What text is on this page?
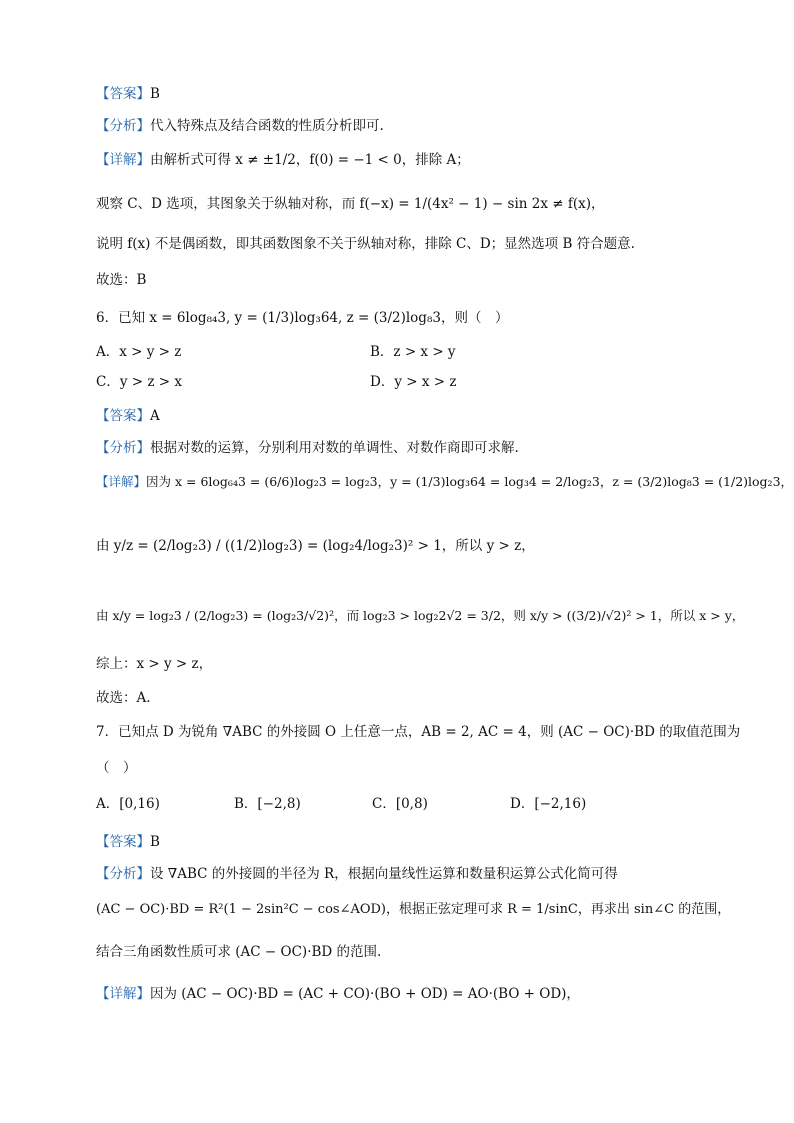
【答案】B
【分析】代入特殊点及结合函数的性质分析即可.
【详解】由解析式可得 x ≠ ±1/2，f(0) = −1 < 0，排除 A；
观察 C、D 选项，其图象关于纵轴对称，而 f(−x) = 1/(4x² − 1) − sin 2x ≠ f(x)，
说明 f(x) 不是偶函数，即其函数图象不关于纵轴对称，排除 C、D；显然选项 B 符合题意.
故选：B
6．已知 x = 6log₈₄3, y = (1/3)log₃64, z = (3/2)log₈3，则（　）
A．x > y > z	B．z > x > y
C．y > z > x	D．y > x > z
【答案】A
【分析】根据对数的运算，分别利用对数的单调性、对数作商即可求解.
【详解】因为 x = 6log₆₄3 = (6/6)log₂3 = log₂3，y = (1/3)log₃64 = log₃4 = 2/log₂3，z = (3/2)log₈3 = (1/2)log₂3，
由 y/z = (2/log₂3) / ((1/2)log₂3) = (log₂4/log₂3)² > 1，所以 y > z，
由 x/y = log₂3 / (2/log₂3) = (log₂3/√2)²，而 log₂3 > log₂2√2 = 3/2，则 x/y > ((3/2)/√2)² > 1，所以 x > y，
综上：x > y > z，
故选：A.
7．已知点 D 为锐角 ∇ABC 的外接圆 O 上任意一点，AB = 2, AC = 4，则 (AC − OC)·BD 的取值范围为
（　）
A．[0,16)	B．[−2,8)	C．[0,8)	D．[−2,16)
【答案】B
【分析】设 ∇ABC 的外接圆的半径为 R，根据向量线性运算和数量积运算公式化简可得
(AC − OC)·BD = R²(1 − 2sin²C − cos∠AOD)，根据正弦定理可求 R = 1/sinC，再求出 sin∠C 的范围，
结合三角函数性质可求 (AC − OC)·BD 的范围.
【详解】因为 (AC − OC)·BD = (AC + CO)·(BO + OD) = AO·(BO + OD)，
